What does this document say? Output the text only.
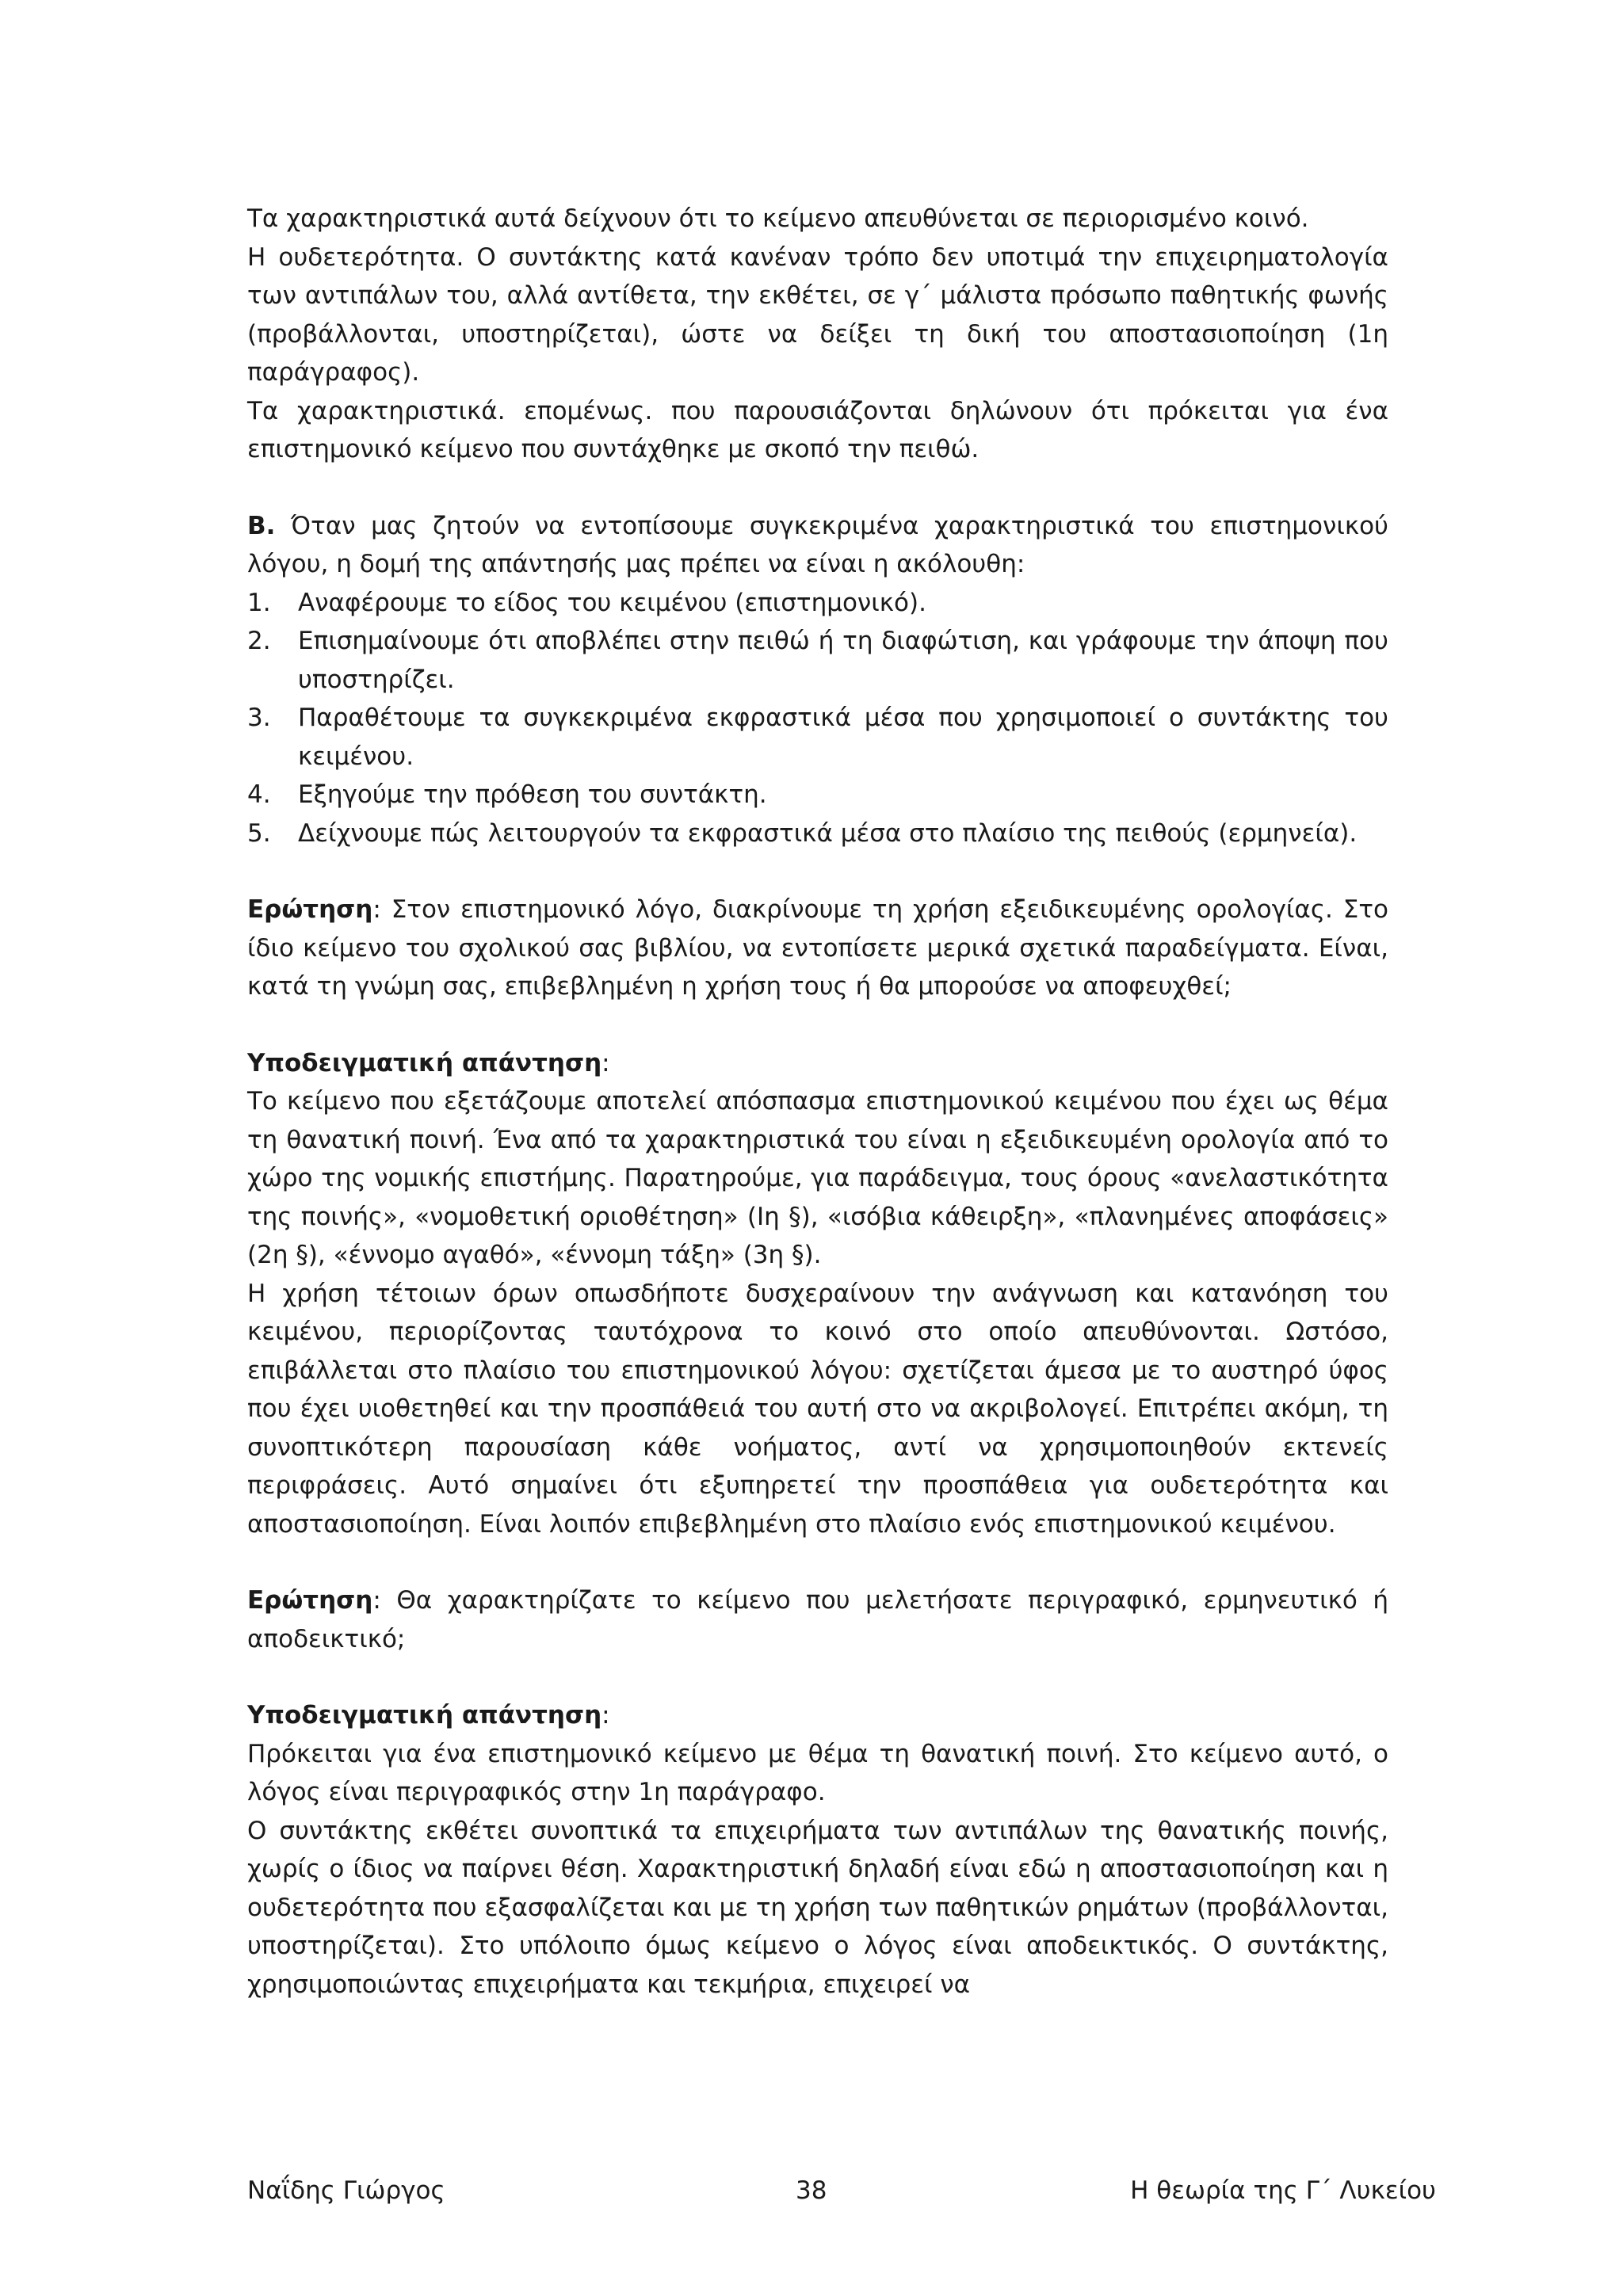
Τα χαρακτηριστικά αυτά δείχνουν ότι το κείμενο απευθύνεται σε περιορισμένο κοινό.

Η ουδετερότητα. Ο συντάκτης κατά κανέναν τρόπο δεν υποτιμά την επιχειρηματολογία των αντιπάλων του, αλλά αντίθετα, την εκθέτει, σε γ΄ μάλιστα πρόσωπο παθητικής φωνής (προβάλλονται, υποστηρίζεται), ώστε να δείξει τη δική του αποστασιοποίηση (1η παράγραφος).

Τα χαρακτηριστικά. επομένως. που παρουσιάζονται δηλώνουν ότι πρόκειται για ένα επιστημονικό κείμενο που συντάχθηκε με σκοπό την πειθώ.

Β. Όταν μας ζητούν να εντοπίσουμε συγκεκριμένα χαρακτηριστικά του επιστημονικού λόγου, η δομή της απάντησής μας πρέπει να είναι η ακόλουθη:

1. Αναφέρουμε το είδος του κειμένου (επιστημονικό).
2. Επισημαίνουμε ότι αποβλέπει στην πειθώ ή τη διαφώτιση, και γράφουμε την άποψη που υποστηρίζει.
3. Παραθέτουμε τα συγκεκριμένα εκφραστικά μέσα που χρησιμοποιεί ο συντάκτης του κειμένου.
4. Εξηγούμε την πρόθεση του συντάκτη.
5. Δείχνουμε πώς λειτουργούν τα εκφραστικά μέσα στο πλαίσιο της πειθούς (ερμηνεία).

Ερώτηση: Στον επιστημονικό λόγο, διακρίνουμε τη χρήση εξειδικευμένης ορολογίας. Στο ίδιο κείμενο του σχολικού σας βιβλίου, να εντοπίσετε μερικά σχετικά παραδείγματα. Είναι, κατά τη γνώμη σας, επιβεβλημένη η χρήση τους ή θα μπορούσε να αποφευχθεί;

Υποδειγματική απάντηση:

Το κείμενο που εξετάζουμε αποτελεί απόσπασμα επιστημονικού κειμένου που έχει ως θέμα τη θανατική ποινή. Ένα από τα χαρακτηριστικά του είναι η εξειδικευμένη ορολογία από το χώρο της νομικής επιστήμης. Παρατηρούμε, για παράδειγμα, τους όρους «ανελαστικότητα της ποινής», «νομοθετική οριοθέτηση» (Ιη §), «ισόβια κάθειρξη», «πλανημένες αποφάσεις» (2η §), «έννομο αγαθό», «έννομη τάξη» (3η §).

Η χρήση τέτοιων όρων οπωσδήποτε δυσχεραίνουν την ανάγνωση και κατανόηση του κειμένου, περιορίζοντας ταυτόχρονα το κοινό στο οποίο απευθύνονται. Ωστόσο, επιβάλλεται στο πλαίσιο του επιστημονικού λόγου: σχετίζεται άμεσα με το αυστηρό ύφος που έχει υιοθετηθεί και την προσπάθειά του αυτή στο να ακριβολογεί. Επιτρέπει ακόμη, τη συνοπτικότερη παρουσίαση κάθε νοήματος, αντί να χρησιμοποιηθούν εκτενείς περιφράσεις. Αυτό σημαίνει ότι εξυπηρετεί την προσπάθεια για ουδετερότητα και αποστασιοποίηση. Είναι λοιπόν επιβεβλημένη στο πλαίσιο ενός επιστημονικού κειμένου.

Ερώτηση: Θα χαρακτηρίζατε το κείμενο που μελετήσατε περιγραφικό, ερμηνευτικό ή αποδεικτικό;

Υποδειγματική απάντηση:

Πρόκειται για ένα επιστημονικό κείμενο με θέμα τη θανατική ποινή. Στο κείμενο αυτό, ο λόγος είναι περιγραφικός στην 1η παράγραφο.

Ο συντάκτης εκθέτει συνοπτικά τα επιχειρήματα των αντιπάλων της θανατικής ποινής, χωρίς ο ίδιος να παίρνει θέση. Χαρακτηριστική δηλαδή είναι εδώ η αποστασιοποίηση και η ουδετερότητα που εξασφαλίζεται και με τη χρήση των παθητικών ρημάτων (προβάλλονται, υποστηρίζεται). Στο υπόλοιπο όμως κείμενο ο λόγος είναι αποδεικτικός. Ο συντάκτης, χρησιμοποιώντας επιχειρήματα και τεκμήρια, επιχειρεί να

Ναΐδης Γιώργος	38	Η θεωρία της Γ΄ Λυκείου
